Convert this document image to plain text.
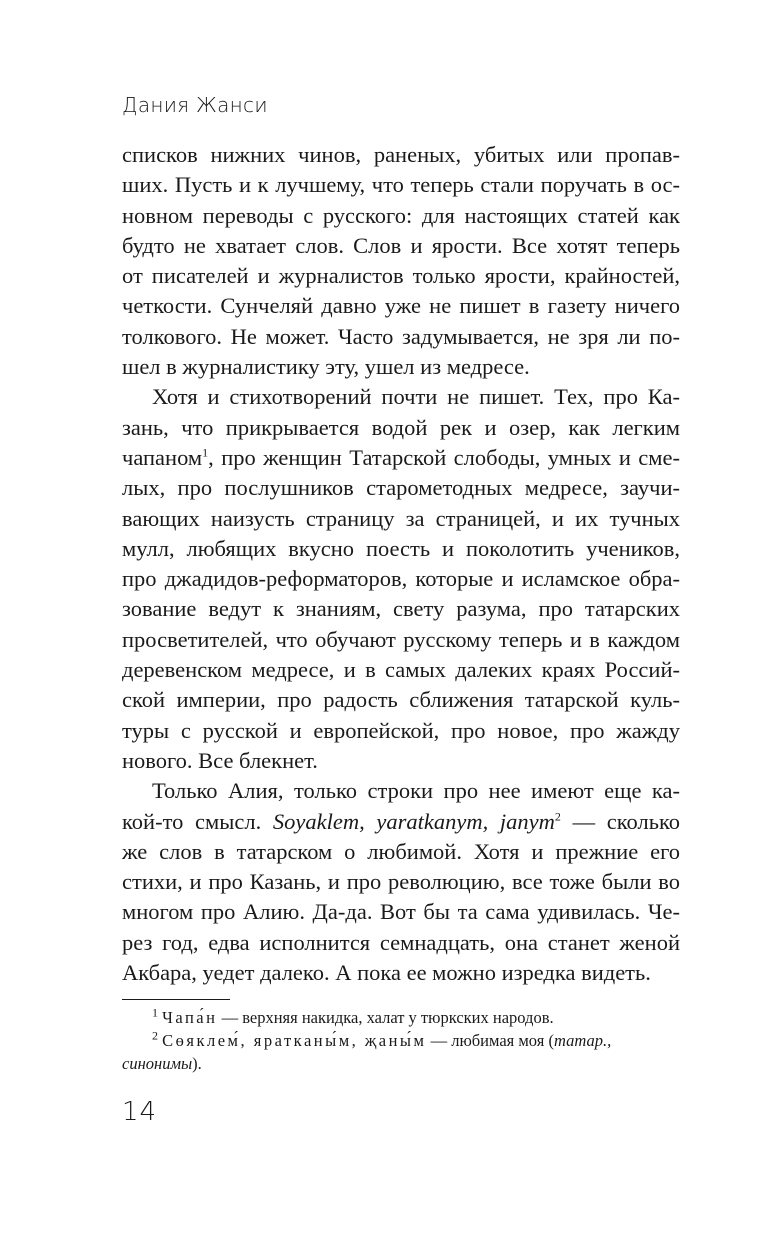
Дания Жанси
списков нижних чинов, раненых, убитых или пропав-
ших. Пусть и к лучшему, что теперь стали поручать в ос-
новном переводы с русского: для настоящих статей как
будто не хватает слов. Слов и ярости. Все хотят теперь
от писателей и журналистов только ярости, крайностей,
четкости. Сунчеляй давно уже не пишет в газету ничего
толкового. Не может. Часто задумывается, не зря ли по-
шел в журналистику эту, ушел из медресе.
Хотя и стихотворений почти не пишет. Тех, про Ка-
зань, что прикрывается водой рек и озер, как легким
чапаном$^1$, про женщин Татарской слободы, умных и сме-
лых, про послушников старометодных медресе, заучи-
вающих наизусть страницу за страницей, и их тучных
мулл, любящих вкусно поесть и поколотить учеников,
про джадидов-реформаторов, которые и исламское обра-
зование ведут к знаниям, свету разума, про татарских
просветителей, что обучают русскому теперь и в каждом
деревенском медресе, и в самых далеких краях Россий-
ской империи, про радость сближения татарской куль-
туры с русской и европейской, про новое, про жажду
нового. Все блекнет.
Только Алия, только строки про нее имеют еще ка-
кой-то смысл. Soyaklem, yaratkanym, janym$^2$ — сколько
же слов в татарском о любимой. Хотя и прежние его
стихи, и про Казань, и про революцию, все тоже были во
многом про Алию. Да-да. Вот бы та сама удивилась. Че-
рез год, едва исполнится семнадцать, она станет женой
Акбара, уедет далеко. А пока ее можно изредка видеть.
$^1$ Чапа́н — верхняя накидка, халат у тюркских народов.
$^2$ Сөяклем́, яратканы́м, җаны́м — любимая моя (татар.,
синонимы).
14
